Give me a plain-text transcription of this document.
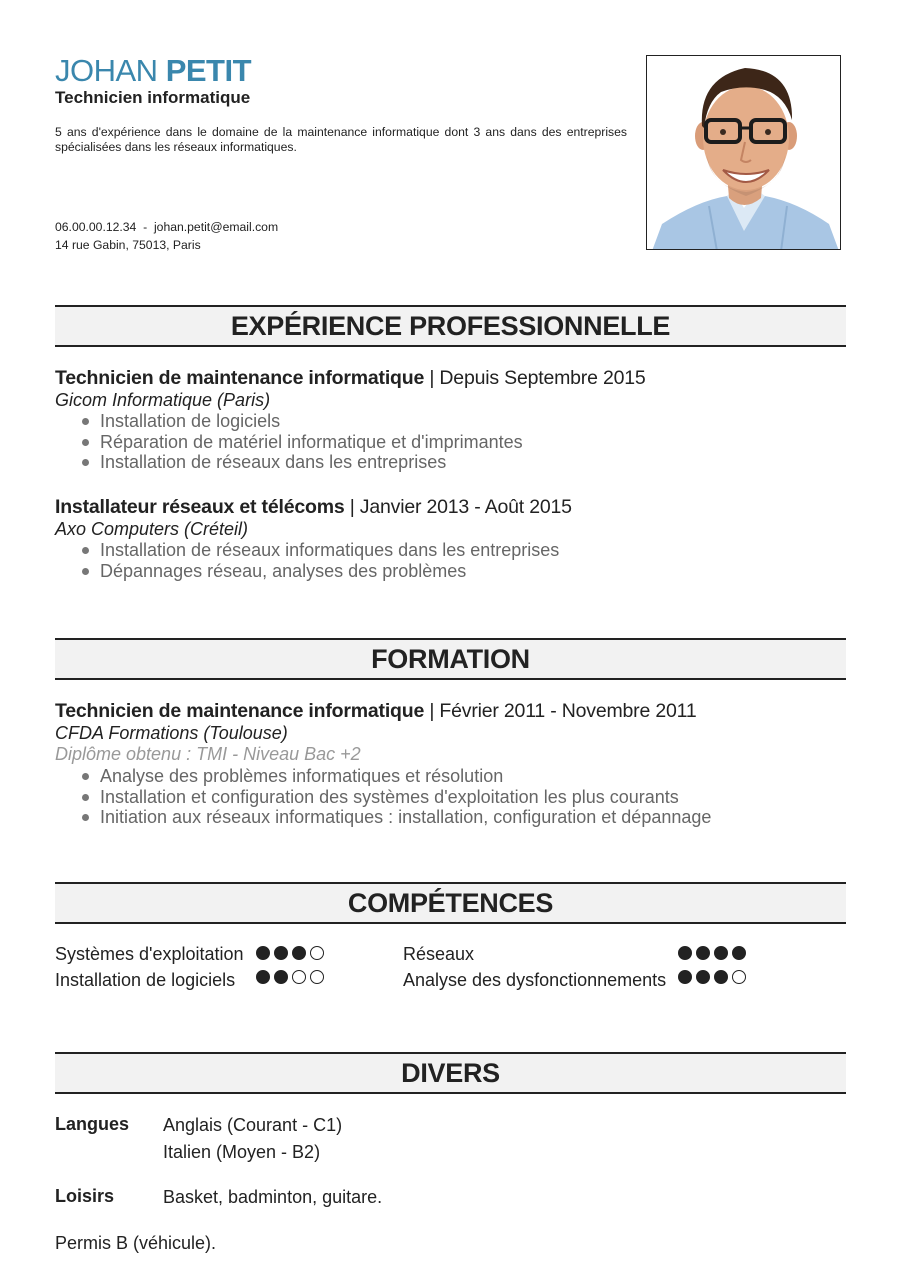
JOHAN PETIT
Technicien informatique
5 ans d'expérience dans le domaine de la maintenance informatique dont 3 ans dans des entreprises spécialisées dans les réseaux informatiques.
06.00.00.12.34 - johan.petit@email.com
14 rue Gabin, 75013, Paris
EXPÉRIENCE PROFESSIONNELLE
Technicien de maintenance informatique | Depuis Septembre 2015
Gicom Informatique (Paris)
Installation de logiciels
Réparation de matériel informatique et d'imprimantes
Installation de réseaux dans les entreprises
Installateur réseaux et télécoms | Janvier 2013 - Août 2015
Axo Computers (Créteil)
Installation de réseaux informatiques dans les entreprises
Dépannages réseau, analyses des problèmes
FORMATION
Technicien de maintenance informatique | Février 2011 - Novembre 2011
CFDA Formations (Toulouse)
Diplôme obtenu : TMI - Niveau Bac +2
Analyse des problèmes informatiques et résolution
Installation et configuration des systèmes d'exploitation les plus courants
Initiation aux réseaux informatiques : installation, configuration et dépannage
COMPÉTENCES
Systèmes d'exploitation	Réseaux
Installation de logiciels	Analyse des dysfonctionnements
DIVERS
Langues Anglais (Courant - C1)
Italien (Moyen - B2)
Loisirs	Basket, badminton, guitare.
Permis B (véhicule).
